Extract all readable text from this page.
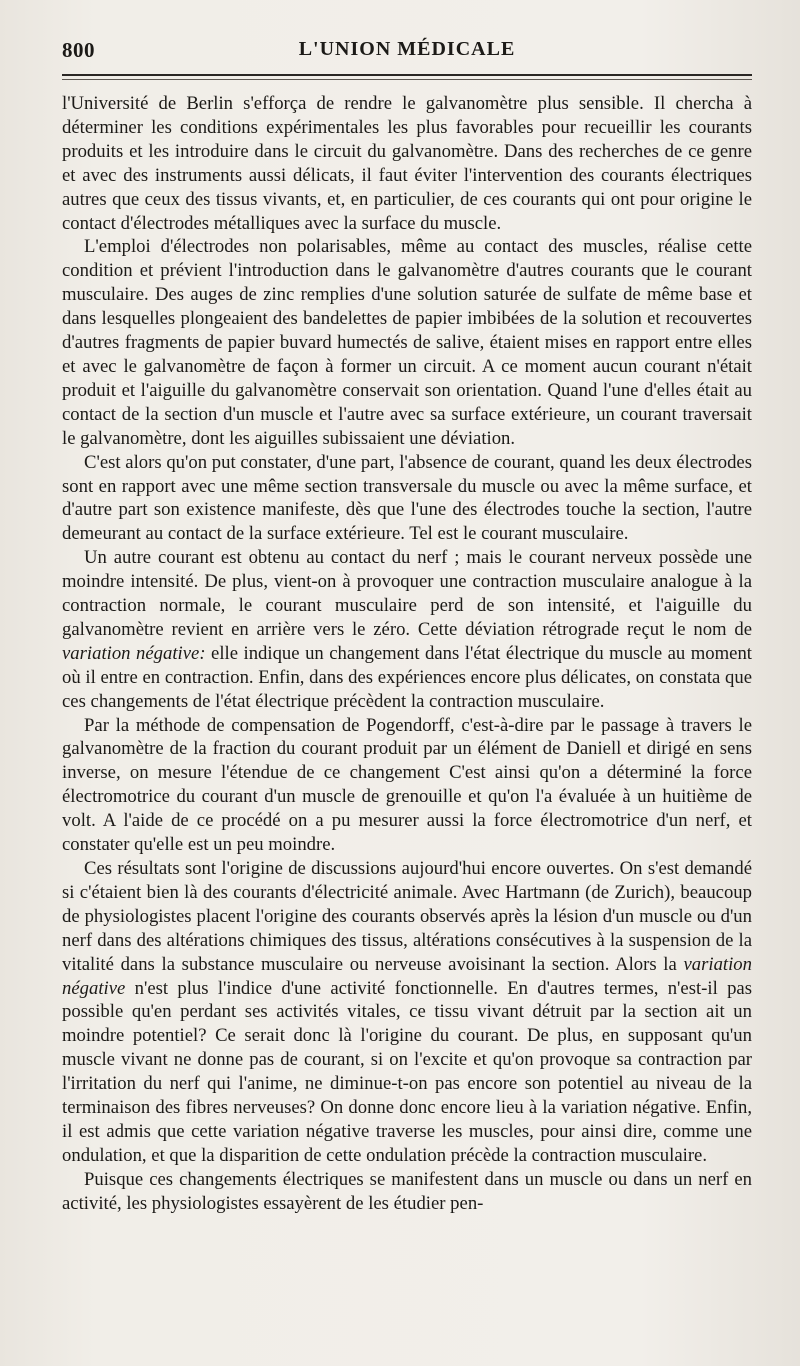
800	L'UNION MÉDICALE

l'Université de Berlin s'efforça de rendre le galvanomètre plus sensible. Il chercha à déterminer les conditions expérimentales les plus favorables pour recueillir les courants produits et les introduire dans le circuit du galvanomètre. Dans des recherches de ce genre et avec des instruments aussi délicats, il faut éviter l'intervention des courants électriques autres que ceux des tissus vivants, et, en particulier, de ces courants qui ont pour origine le contact d'électrodes métalliques avec la surface du muscle.

L'emploi d'électrodes non polarisables, même au contact des muscles, réalise cette condition et prévient l'introduction dans le galvanomètre d'autres courants que le courant musculaire. Des auges de zinc remplies d'une solution saturée de sulfate de même base et dans lesquelles plongeaient des bandelettes de papier imbibées de la solution et recouvertes d'autres fragments de papier buvard humectés de salive, étaient mises en rapport entre elles et avec le galvanomètre de façon à former un circuit. A ce moment aucun courant n'était produit et l'aiguille du galvanomètre conservait son orientation. Quand l'une d'elles était au contact de la section d'un muscle et l'autre avec sa surface extérieure, un courant traversait le galvanomètre, dont les aiguilles subissaient une déviation.

C'est alors qu'on put constater, d'une part, l'absence de courant, quand les deux électrodes sont en rapport avec une même section transversale du muscle ou avec la même surface, et d'autre part son existence manifeste, dès que l'une des électrodes touche la section, l'autre demeurant au contact de la surface extérieure. Tel est le courant musculaire.

Un autre courant est obtenu au contact du nerf ; mais le courant nerveux possède une moindre intensité. De plus, vient-on à provoquer une contraction musculaire analogue à la contraction normale, le courant musculaire perd de son intensité, et l'aiguille du galvanomètre revient en arrière vers le zéro. Cette déviation rétrograde reçut le nom de variation négative: elle indique un changement dans l'état électrique du muscle au moment où il entre en contraction. Enfin, dans des expériences encore plus délicates, on constata que ces changements de l'état électrique précèdent la contraction musculaire.

Par la méthode de compensation de Pogendorff, c'est-à-dire par le passage à travers le galvanomètre de la fraction du courant produit par un élément de Daniell et dirigé en sens inverse, on mesure l'étendue de ce changement C'est ainsi qu'on a déterminé la force électromotrice du courant d'un muscle de grenouille et qu'on l'a évaluée à un huitième de volt. A l'aide de ce procédé on a pu mesurer aussi la force électromotrice d'un nerf, et constater qu'elle est un peu moindre.

Ces résultats sont l'origine de discussions aujourd'hui encore ouvertes. On s'est demandé si c'étaient bien là des courants d'électricité animale. Avec Hartmann (de Zurich), beaucoup de physiologistes placent l'origine des courants observés après la lésion d'un muscle ou d'un nerf dans des altérations chimiques des tissus, altérations consécutives à la suspension de la vitalité dans la substance musculaire ou nerveuse avoisinant la section. Alors la variation négative n'est plus l'indice d'une activité fonctionnelle. En d'autres termes, n'est-il pas possible qu'en perdant ses activités vitales, ce tissu vivant détruit par la section ait un moindre potentiel? Ce serait donc là l'origine du courant. De plus, en supposant qu'un muscle vivant ne donne pas de courant, si on l'excite et qu'on provoque sa contraction par l'irritation du nerf qui l'anime, ne diminue-t-on pas encore son potentiel au niveau de la terminaison des fibres nerveuses? On donne donc encore lieu à la variation négative. Enfin, il est admis que cette variation négative traverse les muscles, pour ainsi dire, comme une ondulation, et que la disparition de cette ondulation précède la contraction musculaire.

Puisque ces changements électriques se manifestent dans un muscle ou dans un nerf en activité, les physiologistes essayèrent de les étudier pen-
